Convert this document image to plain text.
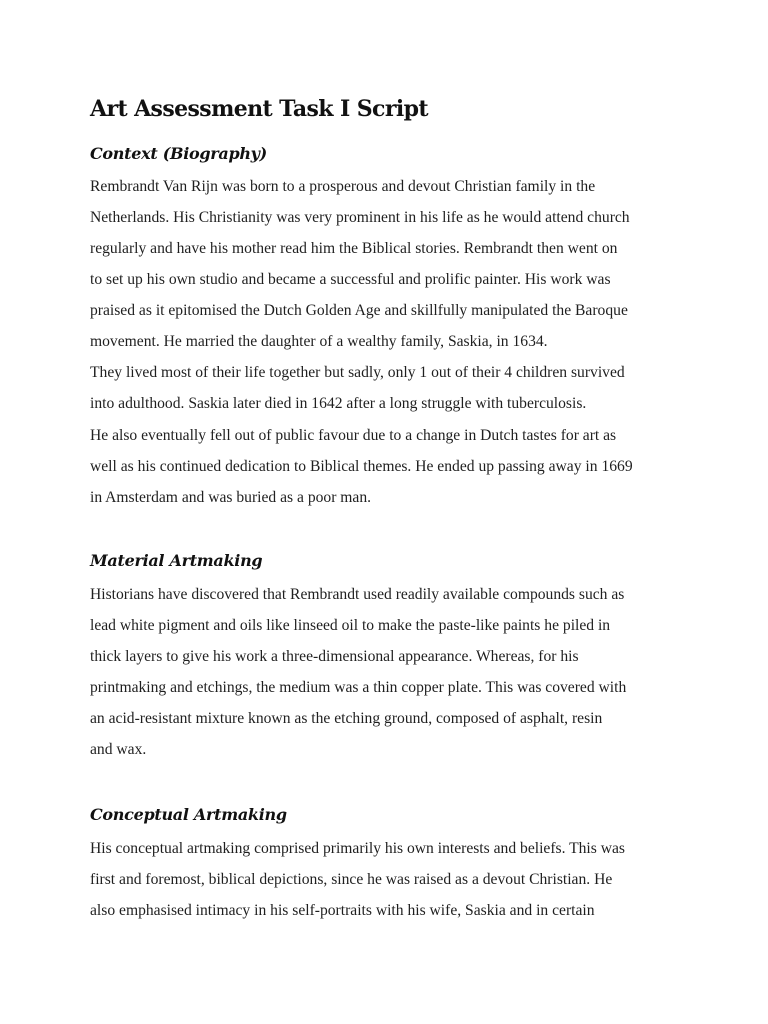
Art Assessment Task I Script
Context (Biography)

Rembrandt Van Rijn was born to a prosperous and devout Christian family in the

Netherlands. His Christianity was very prominent in his life as he would attend church

regularly and have his mother read him the Biblical stories. Rembrandt then went on

to set up his own studio and became a successful and prolific painter. His work was

praised as it epitomised the Dutch Golden Age and skillfully manipulated the Baroque

movement. He married the daughter of a wealthy family, Saskia, in 1634.

They lived most of their life together but sadly, only 1 out of their 4 children survived

into adulthood. Saskia later died in 1642 after a long struggle with tuberculosis.

He also eventually fell out of public favour due to a change in Dutch tastes for art as

well as his continued dedication to Biblical themes. He ended up passing away in 1669

in Amsterdam and was buried as a poor man.

Material Artmaking

Historians have discovered that Rembrandt used readily available compounds such as

lead white pigment and oils like linseed oil to make the paste-like paints he piled in

thick layers to give his work a three-dimensional appearance. Whereas, for his

printmaking and etchings, the medium was a thin copper plate. This was covered with

an acid-resistant mixture known as the etching ground, composed of asphalt, resin

and wax.

Conceptual Artmaking

His conceptual artmaking comprised primarily his own interests and beliefs. This was

first and foremost, biblical depictions, since he was raised as a devout Christian. He

also emphasised intimacy in his self-portraits with his wife, Saskia and in certain
